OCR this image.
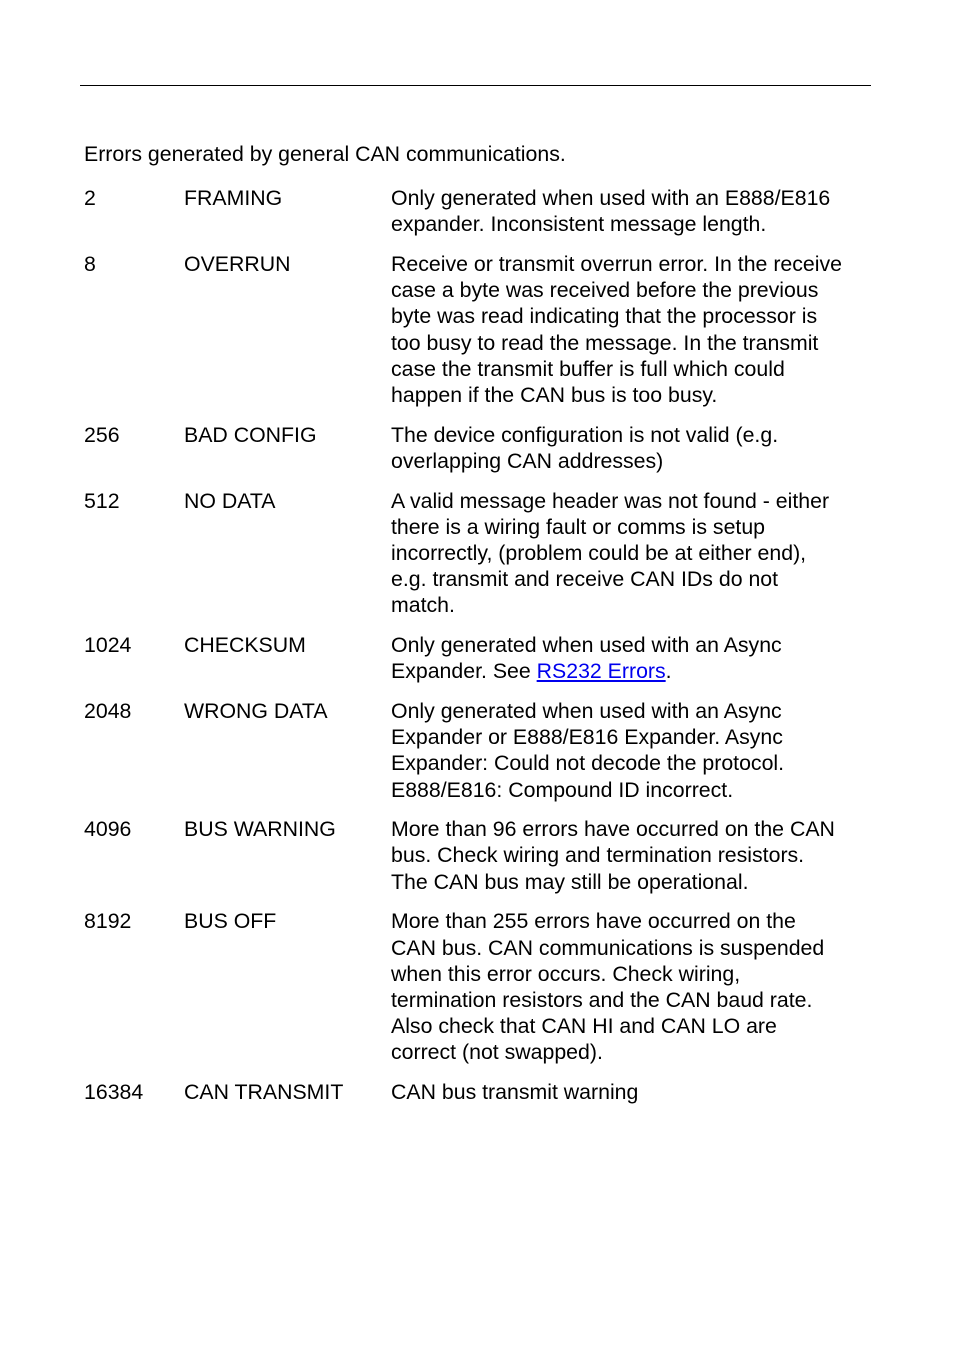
Errors generated by general CAN communications.

2	FRAMING	Only generated when used with an E888/E816 expander. Inconsistent message length.
8	OVERRUN	Receive or transmit overrun error. In the receive case a byte was received before the previous byte was read indicating that the processor is too busy to read the message. In the transmit case the transmit buffer is full which could happen if the CAN bus is too busy.
256	BAD CONFIG	The device configuration is not valid (e.g. overlapping CAN addresses)
512	NO DATA	A valid message header was not found - either there is a wiring fault or comms is setup incorrectly, (problem could be at either end), e.g. transmit and receive CAN IDs do not match.
1024	CHECKSUM	Only generated when used with an Async Expander. See RS232 Errors.
2048	WRONG DATA	Only generated when used with an Async Expander or E888/E816 Expander. Async Expander: Could not decode the protocol. E888/E816: Compound ID incorrect.
4096	BUS WARNING	More than 96 errors have occurred on the CAN bus. Check wiring and termination resistors. The CAN bus may still be operational.
8192	BUS OFF	More than 255 errors have occurred on the CAN bus. CAN communications is suspended when this error occurs. Check wiring, termination resistors and the CAN baud rate. Also check that CAN HI and CAN LO are correct (not swapped).
16384	CAN TRANSMIT	CAN bus transmit warning
